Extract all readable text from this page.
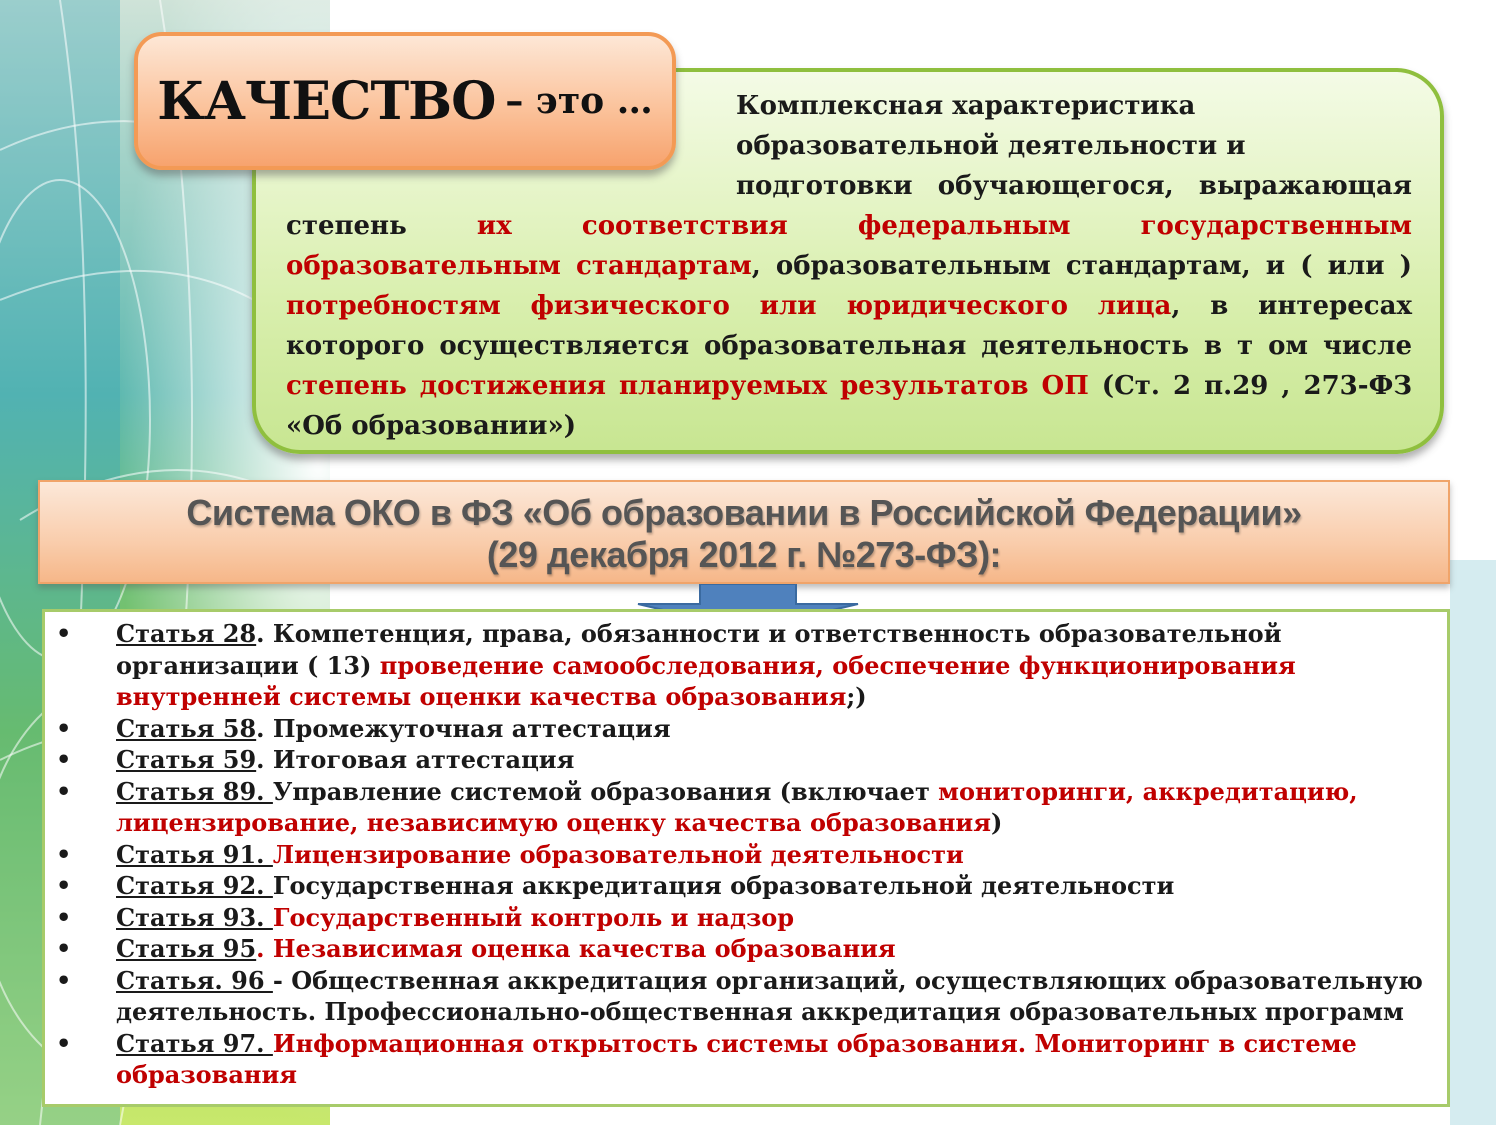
Комплексная характеристика
образовательной деятельности и
подготовки обучающегося, выражающая
степень	их соответствия федеральным государственным образовательным стандартам, образовательным стандартам, и ( или ) потребностям физического или юридического лица, в интересах которого осуществляется образовательная деятельность в т ом числе степень достижения планируемых результатов ОП (Ст. 2 п.29 , 273-ФЗ «Об образовании»)
КАЧЕСТВО – это …
Система ОКО в ФЗ «Об образовании в Российской Федерации»
(29 декабря 2012 г. №273-ФЗ):
• Статья 28. Компетенция, права, обязанности и ответственность образовательной организации ( 13) проведение самообследования, обеспечение функционирования внутренней системы оценки качества образования;)
• Статья 58. Промежуточная аттестация
• Статья 59. Итоговая аттестация
• Статья 89. Управление системой образования (включает мониторинги, аккредитацию, лицензирование, независимую оценку качества образования)
• Статья 91. Лицензирование образовательной деятельности
• Статья 92. Государственная аккредитация образовательной деятельности
• Статья 93. Государственный контроль и надзор
• Статья 95. Независимая оценка качества образования
• Статья. 96 - Общественная аккредитация организаций, осуществляющих образовательную деятельность. Профессионально-общественная аккредитация образовательных программ
• Статья 97. Информационная открытость системы образования. Мониторинг в системе образования
